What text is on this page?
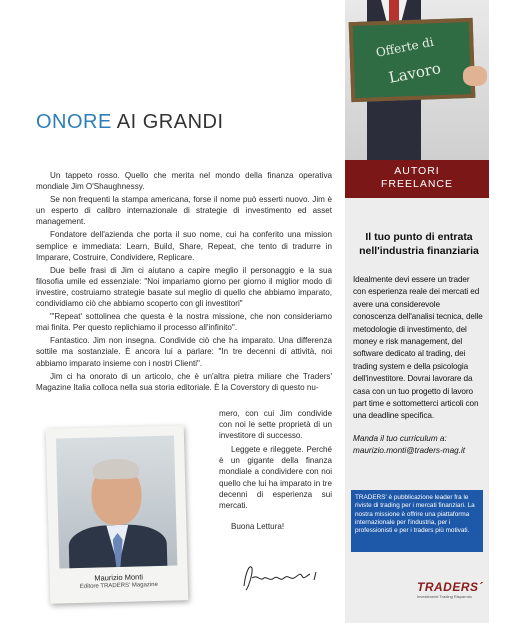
ONORE AI GRANDI

Un tappeto rosso. Quello che merita nel mondo della finanza operativa mondiale Jim O'Shaughnessy.

Se non frequenti la stampa americana, forse il nome può esserti nuovo. Jim è un esperto di calibro internazionale di strategie di investimento ed asset management.

Fondatore dell'azienda che porta il suo nome, cui ha conferito una mission semplice e immediata: Learn, Build, Share, Repeat, che tento di tradurre in Imparare, Costruire, Condividere, Replicare.

Due belle frasi di Jim ci aiutano a capire meglio il personaggio e la sua filosofia umile ed essenziale: "Noi impariamo giorno per giorno il miglior modo di investire, costruiamo strategie basate sul meglio di quello che abbiamo imparato, condividiamo ciò che abbiamo scoperto con gli investitori"

"'Repeat' sottolinea che questa è la nostra missione, che non consideriamo mai finita. Per questo replichiamo il processo all'infinito".

Fantastico. Jim non insegna. Condivide ciò che ha imparato. Una differenza sottile ma sostanziale. È ancora lui a parlare: "In tre decenni di attività, noi abbiamo imparato insieme con i nostri Clienti".

Jim ci ha onorato di un articolo, che è un'altra pietra miliare che Traders' Magazine Italia colloca nella sua storia editoriale. È la Coverstory di questo nu-

mero, con cui Jim condivide con noi le sette proprietà di un investitore di successo.

Leggete e rileggete. Perché è un gigante della finanza mondiale a condividere con noi quello che lui ha imparato in tre decenni di esperienza sui mercati.

Buona Lettura!

Maurizio Monti
Editore TRADERS' Magazine
Offerte di
Lavoro
AUTORI
FREELANCE
Il tuo punto di entrata nell'industria finanziaria
Idealmente devi essere un trader con esperienza reale dei mercati ed avere una considerevole conoscenza dell'analisi tecnica, delle metodologie di investimento, del money e risk management, del software dedicato al trading, dei trading system e della psicologia dell'investitore. Dovrai lavorare da casa con un tuo progetto di lavoro part time e sottometterci articoli con una deadline specifica.
Manda il tuo curriculum a:
maurizio.monti@traders-mag.it
TRADERS' è pubblicazione leader fra le riviste di trading per i mercati finanziari. La nostra missione è offrire una piattaforma internazionale per l'industria, per i professionisti e per i traders più motivati.
TRADERS´
Investimenti Trading Risparmio
